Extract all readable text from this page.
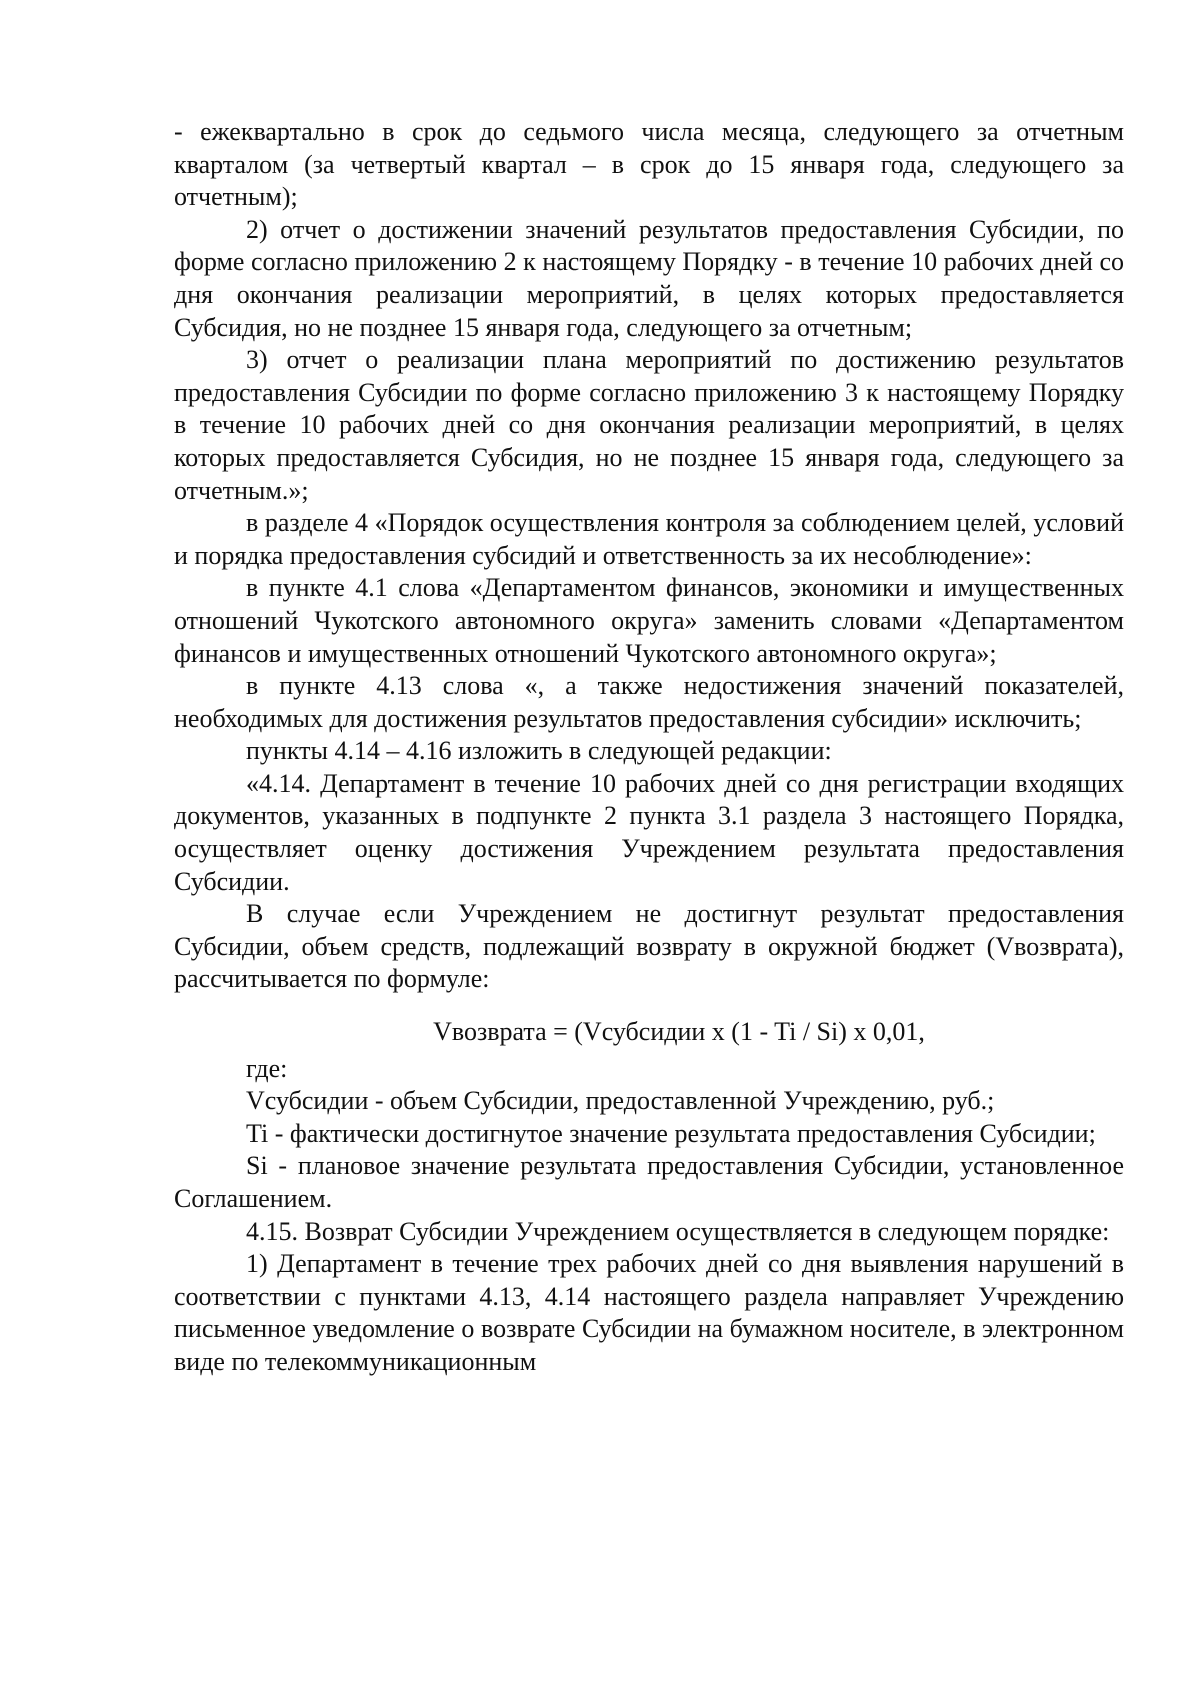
- ежеквартально в срок до седьмого числа месяца, следующего за отчетным кварталом (за четвертый квартал – в срок до 15 января года, следующего за отчетным);

2) отчет о достижении значений результатов предоставления Субсидии, по форме согласно приложению 2 к настоящему Порядку - в течение 10 рабочих дней со дня окончания реализации мероприятий, в целях которых предоставляется Субсидия, но не позднее 15 января года, следующего за отчетным;

3) отчет о реализации плана мероприятий по достижению результатов предоставления Субсидии по форме согласно приложению 3 к настоящему Порядку в течение 10 рабочих дней со дня окончания реализации мероприятий, в целях которых предоставляется Субсидия, но не позднее 15 января года, следующего за отчетным.»;

в разделе 4 «Порядок осуществления контроля за соблюдением целей, условий и порядка предоставления субсидий и ответственность за их несоблюдение»:

в пункте 4.1 слова «Департаментом финансов, экономики и имущественных отношений Чукотского автономного округа» заменить словами «Департаментом финансов и имущественных отношений Чукотского автономного округа»;

в пункте 4.13 слова «, а также недостижения значений показателей, необходимых для достижения результатов предоставления субсидии» исключить;

пункты 4.14 – 4.16 изложить в следующей редакции:

«4.14. Департамент в течение 10 рабочих дней со дня регистрации входящих документов, указанных в подпункте 2 пункта 3.1 раздела 3 настоящего Порядка, осуществляет оценку достижения Учреждением результата предоставления Субсидии.

В случае если Учреждением не достигнут результат предоставления Субсидии, объем средств, подлежащий возврату в окружной бюджет (Vвозврата), рассчитывается по формуле:

Vвозврата = (Vсубсидии x (1 - Ti / Si) x 0,01,

где:

Vсубсидии - объем Субсидии, предоставленной Учреждению, руб.;

Ti - фактически достигнутое значение результата предоставления Субсидии;

Si - плановое значение результата предоставления Субсидии, установленное Соглашением.

4.15. Возврат Субсидии Учреждением осуществляется в следующем порядке:

1) Департамент в течение трех рабочих дней со дня выявления нарушений в соответствии с пунктами 4.13, 4.14 настоящего раздела направляет Учреждению письменное уведомление о возврате Субсидии на бумажном носителе, в электронном виде по телекоммуникационным
